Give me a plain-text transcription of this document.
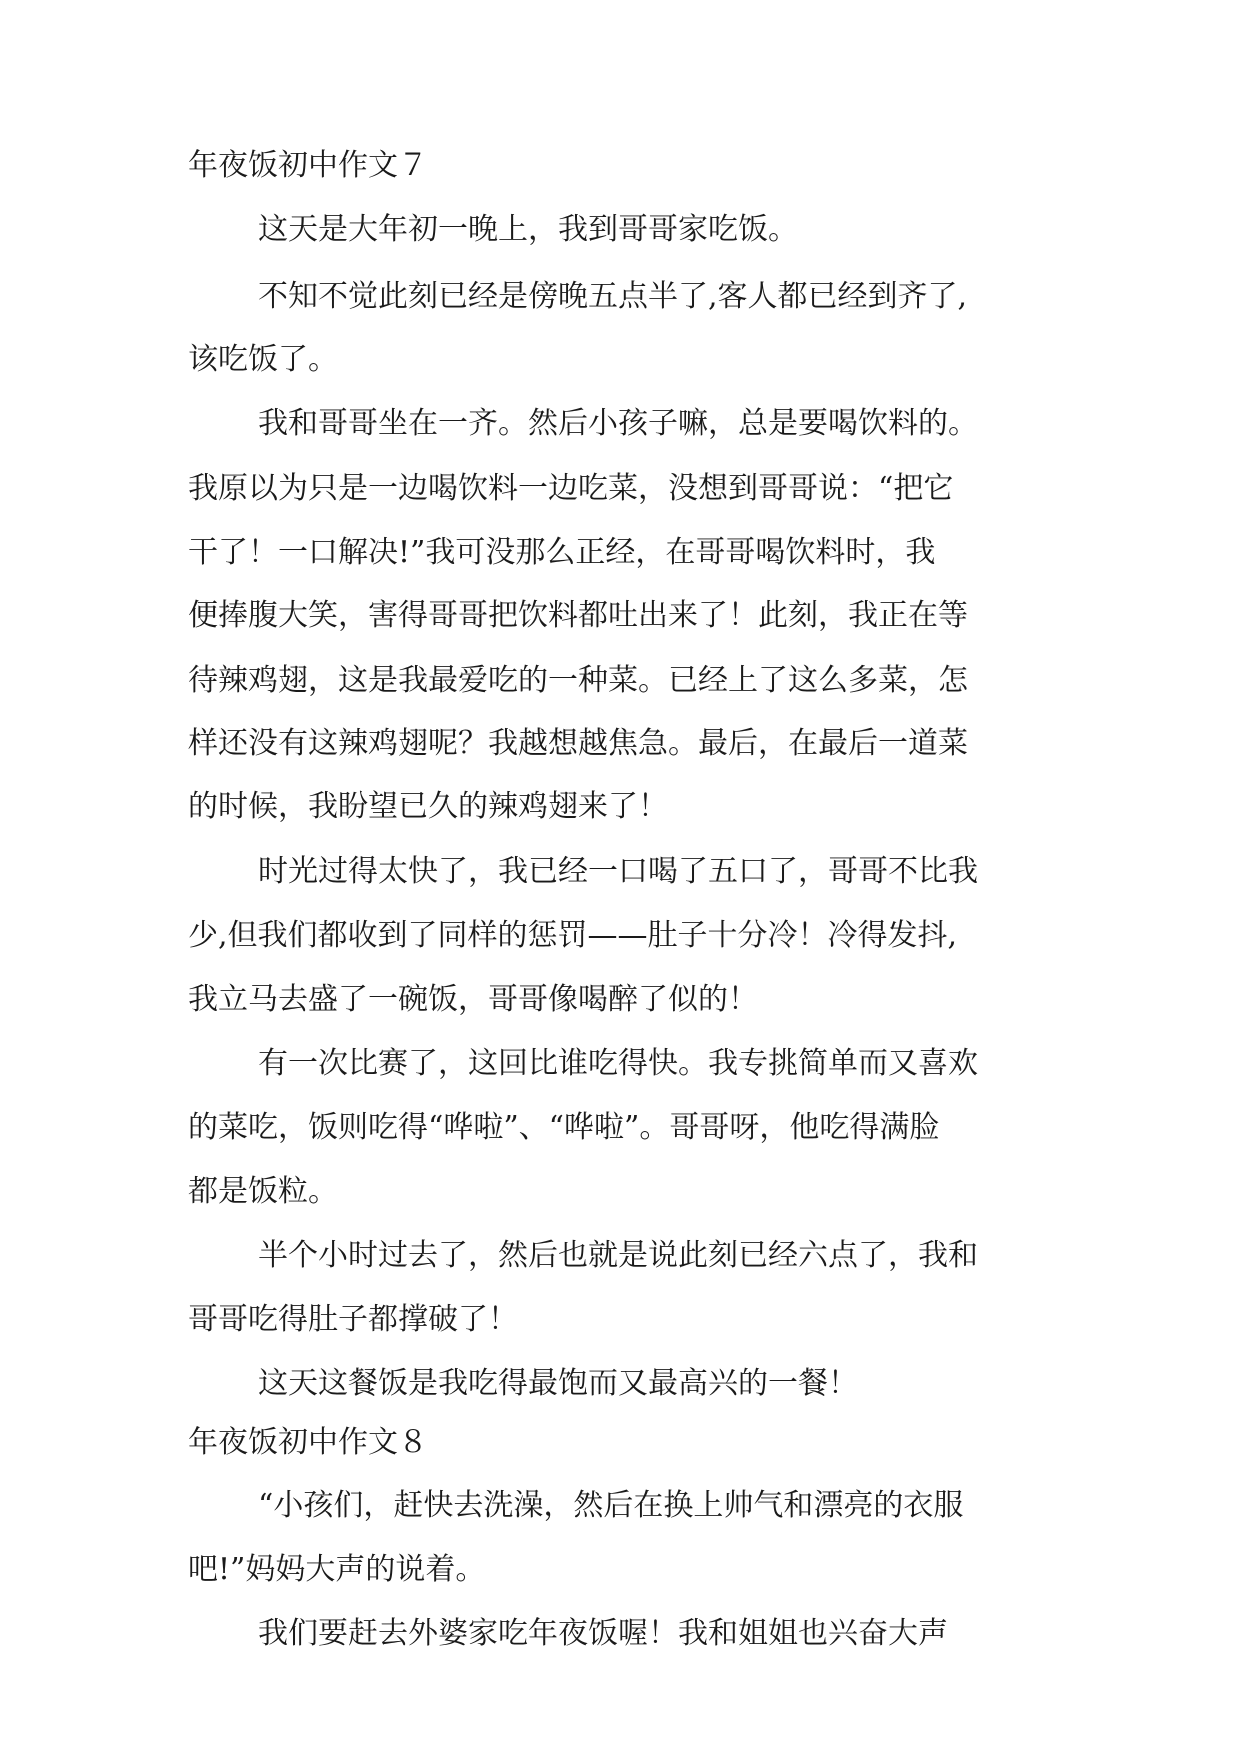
年夜饭初中作文７
这天是大年初一晚上，我到哥哥家吃饭。
不知不觉此刻已经是傍晚五点半了,客人都已经到齐了,
该吃饭了。
我和哥哥坐在一齐。然后小孩子嘛，总是要喝饮料的。
我原以为只是一边喝饮料一边吃菜，没想到哥哥说：“把它
干了！一口解决!”我可没那么正经，在哥哥喝饮料时，我
便捧腹大笑，害得哥哥把饮料都吐出来了！此刻，我正在等
待辣鸡翅，这是我最爱吃的一种菜。已经上了这么多菜，怎
样还没有这辣鸡翅呢？我越想越焦急。最后，在最后一道菜
的时候，我盼望已久的辣鸡翅来了！
时光过得太快了，我已经一口喝了五口了，哥哥不比我
少,但我们都收到了同样的惩罚——肚子十分冷！冷得发抖,
我立马去盛了一碗饭，哥哥像喝醉了似的！
有一次比赛了，这回比谁吃得快。我专挑简单而又喜欢
的菜吃，饭则吃得“哗啦”、“哗啦”。哥哥呀，他吃得满脸
都是饭粒。
半个小时过去了，然后也就是说此刻已经六点了，我和
哥哥吃得肚子都撑破了！
这天这餐饭是我吃得最饱而又最高兴的一餐！
年夜饭初中作文８
“小孩们，赶快去洗澡，然后在换上帅气和漂亮的衣服
吧!”妈妈大声的说着。
我们要赶去外婆家吃年夜饭喔！我和姐姐也兴奋大声
